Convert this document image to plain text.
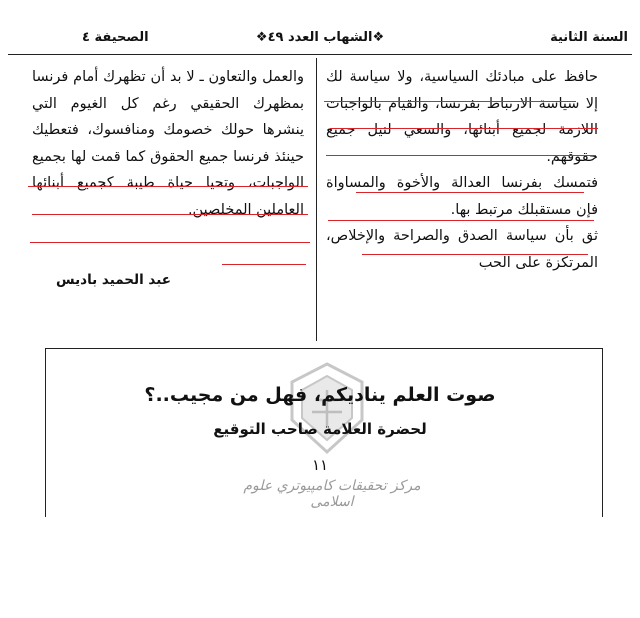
السنة الثانية
❖الشهاب العدد ٤٩❖
الصحيفة ٤

حافظ على مبادئك السياسية، ولا سياسة لك إلا سياسة الارتباط بفرنسا، والقيام بالواجبات اللازمة لجميع أبنائها، والسعي لنيل جميع حقوقهم.

فتمسك بفرنسا العدالة والأخوة والمساواة فإن مستقبلك مرتبط بها.

ثق بأن سياسة الصدق والصراحة والإخلاص، المرتكزة على الحب

والعمل والتعاون ـ لا بد أن تظهرك أمام فرنسا بمظهرك الحقيقي رغم كل الغيوم التي ينشرها حولك خصومك ومنافسوك، فتعطيك حينئذ فرنسا جميع الحقوق كما قمت لها بجميع الواجبات، وتحيا حياة طيبة كجميع أبنائها العاملين المخلصين.

عبد الحميد باديس
صوت العلم يناديكم، فهل من مجيب..؟
لحضرة العلامة صاحب التوقيع
١١
مركز تحقيقات كامپيوتري علوم اسلامى
